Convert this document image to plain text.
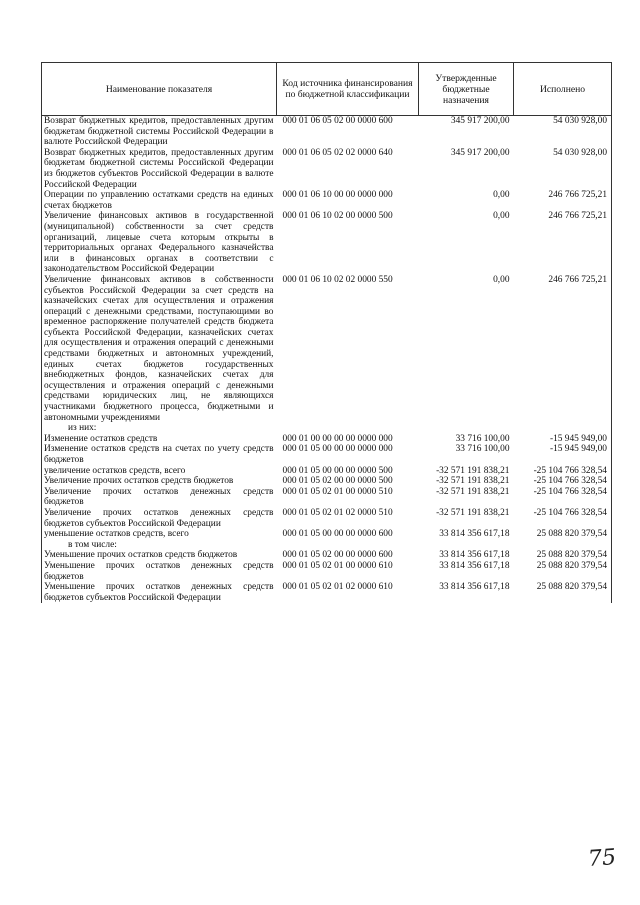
Наименование показателя	Код источника финансирования по бюджетной классификации	Утвержденные бюджетные назначения	Исполнено
Возврат бюджетных кредитов, предоставленных другим бюджетам бюджетной системы Российской Федерации в валюте Российской Федерации	000 01 06 05 02 00 0000 600	345 917 200,00	54 030 928,00
Возврат бюджетных кредитов, предоставленных другим бюджетам бюджетной системы Российской Федерации из бюджетов субъектов Российской Федерации в валюте Российской Федерации	000 01 06 05 02 02 0000 640	345 917 200,00	54 030 928,00
Операции по управлению остатками средств на единых счетах бюджетов	000 01 06 10 00 00 0000 000	0,00	246 766 725,21
Увеличение финансовых активов в государственной (муниципальной) собственности за счет средств организаций, лицевые счета которым открыты в территориальных органах Федерального казначейства или в финансовых органах в соответствии с законодательством Российской Федерации	000 01 06 10 02 00 0000 500	0,00	246 766 725,21
Увеличение финансовых активов в собственности субъектов Российской Федерации за счет средств на казначейских счетах для осуществления и отражения операций с денежными средствами, поступающими во временное распоряжение получателей средств бюджета субъекта Российской Федерации, казначейских счетах для осуществления и отражения операций с денежными средствами бюджетных и автономных учреждений, единых счетах бюджетов государственных внебюджетных фондов, казначейских счетах для осуществления и отражения операций с денежными средствами юридических лиц, не являющихся участниками бюджетного процесса, бюджетными и автономными учреждениями	000 01 06 10 02 02 0000 550	0,00	246 766 725,21
из них:			
Изменение остатков средств	000 01 00 00 00 00 0000 000	33 716 100,00	-15 945 949,00
Изменение остатков средств на счетах по учету средств бюджетов	000 01 05 00 00 00 0000 000	33 716 100,00	-15 945 949,00
увеличение остатков средств, всего	000 01 05 00 00 00 0000 500	-32 571 191 838,21	-25 104 766 328,54
Увеличение прочих остатков средств бюджетов	000 01 05 02 00 00 0000 500	-32 571 191 838,21	-25 104 766 328,54
Увеличение прочих остатков денежных средств бюджетов	000 01 05 02 01 00 0000 510	-32 571 191 838,21	-25 104 766 328,54
Увеличение прочих остатков денежных средств бюджетов субъектов Российской Федерации	000 01 05 02 01 02 0000 510	-32 571 191 838,21	-25 104 766 328,54
уменьшение остатков средств, всего	000 01 05 00 00 00 0000 600	33 814 356 617,18	25 088 820 379,54
в том числе:			
Уменьшение прочих остатков средств бюджетов	000 01 05 02 00 00 0000 600	33 814 356 617,18	25 088 820 379,54
Уменьшение прочих остатков денежных средств бюджетов	000 01 05 02 01 00 0000 610	33 814 356 617,18	25 088 820 379,54
Уменьшение прочих остатков денежных средств бюджетов субъектов Российской Федерации	000 01 05 02 01 02 0000 610	33 814 356 617,18	25 088 820 379,54
75
